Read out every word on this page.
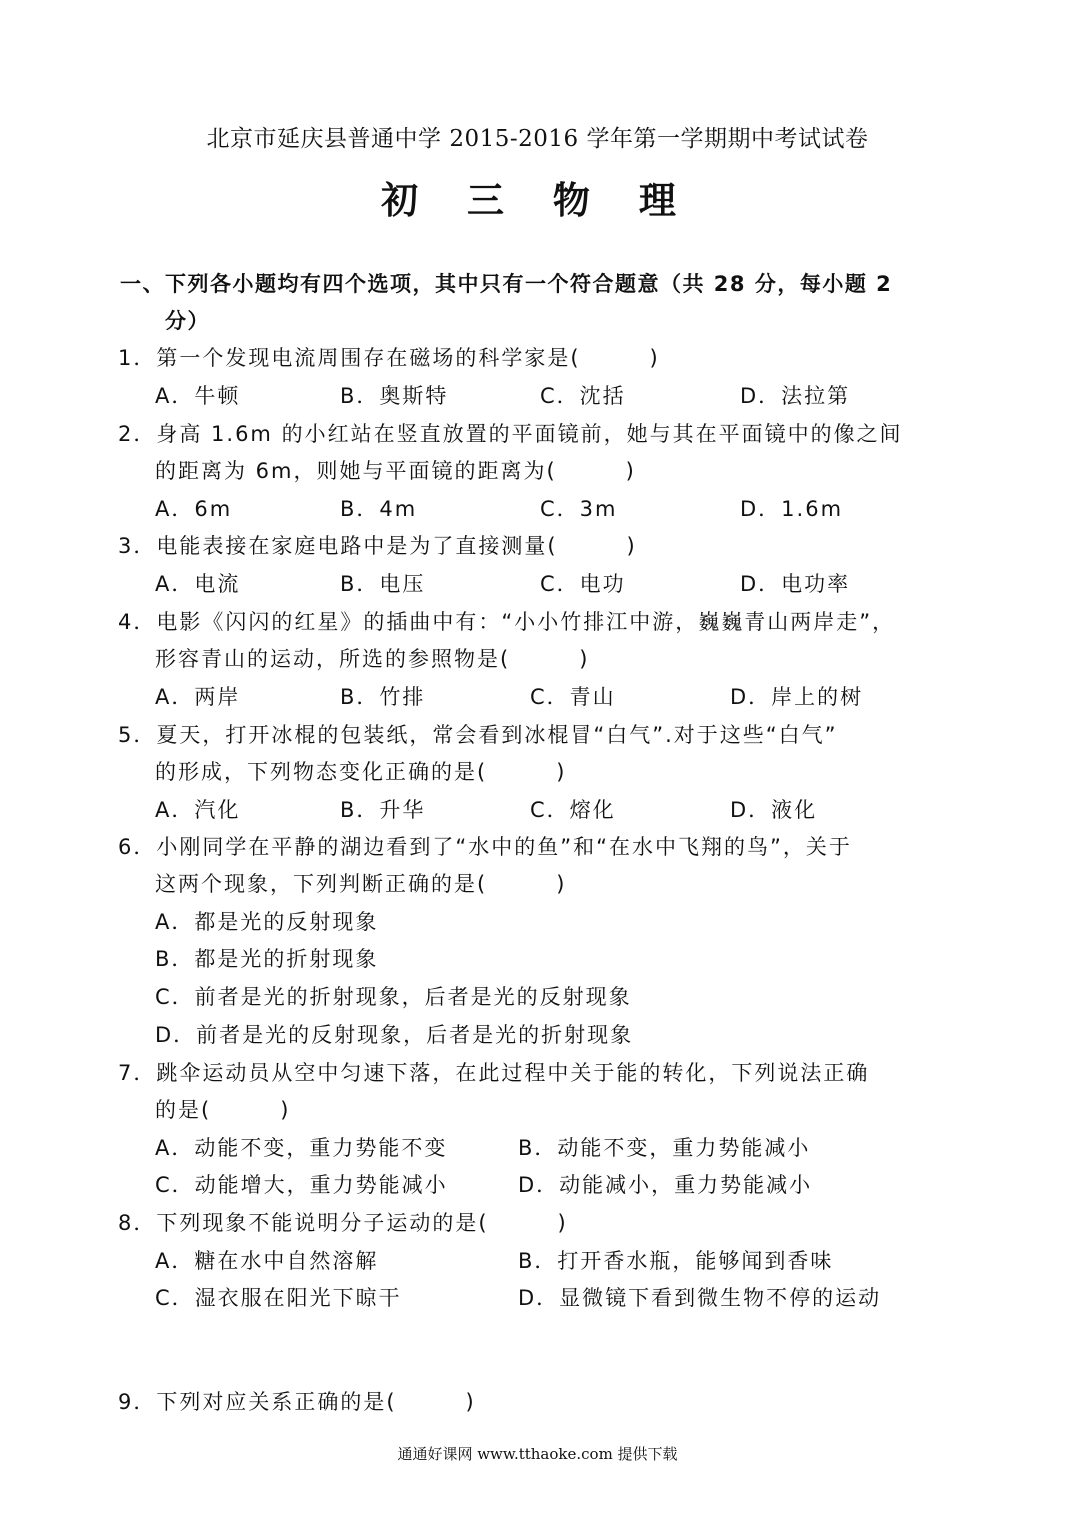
北京市延庆县普通中学 2015-2016 学年第一学期期中考试试卷
初 三 物 理
一、下列各小题均有四个选项，其中只有一个符合题意（共 28 分，每小题 2
分）
1．第一个发现电流周围存在磁场的科学家是(　　　)
A．牛顿	B．奥斯特	C．沈括	D．法拉第
2．身高 1.6m 的小红站在竖直放置的平面镜前，她与其在平面镜中的像之间
的距离为 6m，则她与平面镜的距离为(　　　)
A．6m	B．4m	C．3m	D．1.6m
3．电能表接在家庭电路中是为了直接测量(　　　)
A．电流	B．电压	C．电功	D．电功率
4．电影《闪闪的红星》的插曲中有：“小小竹排江中游，巍巍青山两岸走”，
形容青山的运动，所选的参照物是(　　　)
A．两岸	B．竹排	C．青山	D．岸上的树
5．夏天，打开冰棍的包装纸，常会看到冰棍冒“白气”.对于这些“白气”
的形成，下列物态变化正确的是(　　　)
A．汽化	B．升华	C．熔化	D．液化
6．小刚同学在平静的湖边看到了“水中的鱼”和“在水中飞翔的鸟”，关于
这两个现象，下列判断正确的是(　　　)
A．都是光的反射现象
B．都是光的折射现象
C．前者是光的折射现象，后者是光的反射现象
D．前者是光的反射现象，后者是光的折射现象
7．跳伞运动员从空中匀速下落，在此过程中关于能的转化，下列说法正确
的是(　　　)
A．动能不变，重力势能不变	B．动能不变，重力势能减小
C．动能增大，重力势能减小	D．动能减小，重力势能减小
8．下列现象不能说明分子运动的是(　　　)
A．糖在水中自然溶解	B．打开香水瓶，能够闻到香味
C．湿衣服在阳光下晾干	D．显微镜下看到微生物不停的运动
9．下列对应关系正确的是(　　　)
通通好课网 www.tthaoke.com 提供下载
